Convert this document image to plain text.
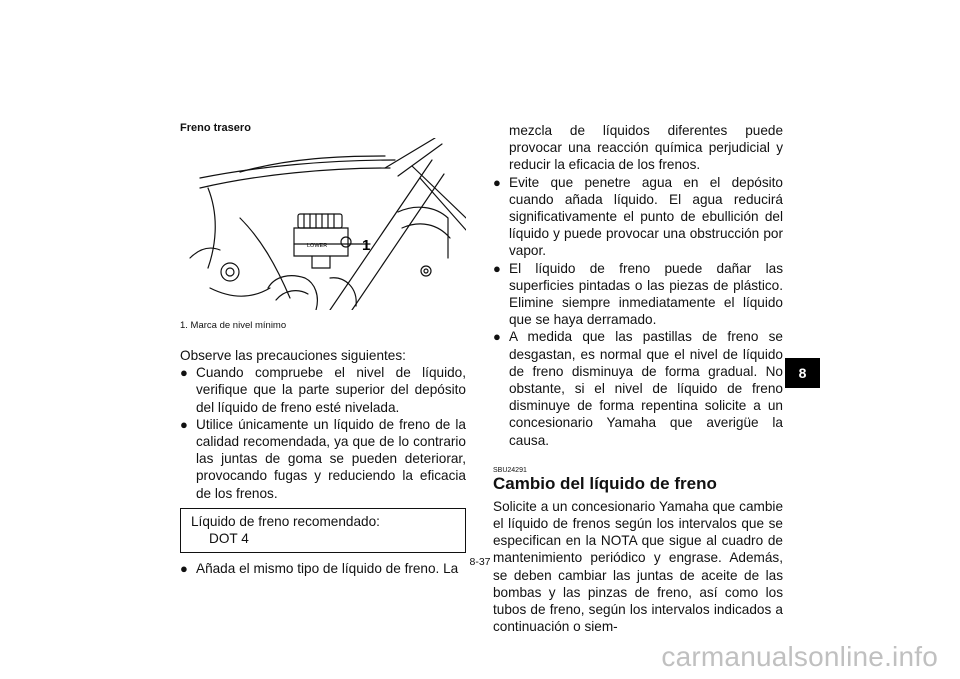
Freno trasero
LOWER 1
1. Marca de nivel mínimo
Observe las precauciones siguientes:
● Cuando compruebe el nivel de líquido, verifique que la parte superior del depósito del líquido de freno esté nivelada.
● Utilice únicamente un líquido de freno de la calidad recomendada, ya que de lo contrario las juntas de goma se pueden deteriorar, provocando fugas y reduciendo la eficacia de los frenos.
Líquido de freno recomendado:
DOT 4
● Añada el mismo tipo de líquido de freno. La
mezcla de líquidos diferentes puede provocar una reacción química perjudicial y reducir la eficacia de los frenos.
● Evite que penetre agua en el depósito cuando añada líquido. El agua reducirá significativamente el punto de ebullición del líquido y puede provocar una obstrucción por vapor.
● El líquido de freno puede dañar las superficies pintadas o las piezas de plástico. Elimine siempre inmediatamente el líquido que se haya derramado.
● A medida que las pastillas de freno se desgastan, es normal que el nivel de líquido de freno disminuya de forma gradual. No obstante, si el nivel de líquido de freno disminuye de forma repentina solicite a un concesionario Yamaha que averigüe la causa.
SBU24291
Cambio del líquido de freno
Solicite a un concesionario Yamaha que cambie el líquido de frenos según los intervalos que se especifican en la NOTA que sigue al cuadro de mantenimiento periódico y engrase. Además, se deben cambiar las juntas de aceite de las bombas y las pinzas de freno, así como los tubos de freno, según los intervalos indicados a continuación o siem-
8-37
8
carmanualsonline.info
